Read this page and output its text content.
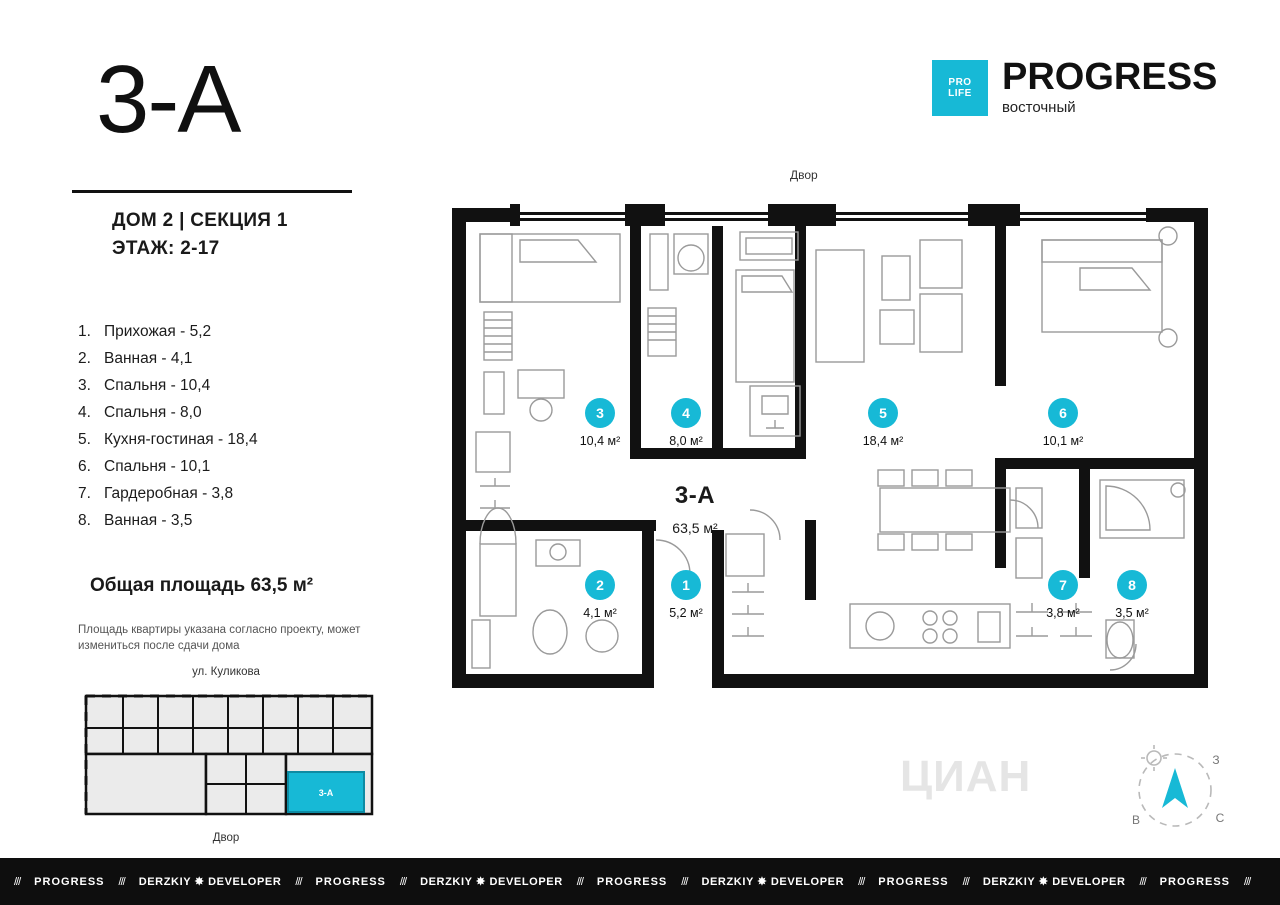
3-А
ДОМ 2 | СЕКЦИЯ 1
ЭТАЖ: 2-17
1. Прихожая - 5,2
2. Ванная - 4,1
3. Спальня - 10,4
4. Спальня - 8,0
5. Кухня-гостиная - 18,4
6. Спальня - 10,1
7. Гардеробная - 3,8
8. Ванная - 3,5
Общая площадь 63,5 м²
Площадь квартиры указана согласно проекту, может измениться после сдачи дома
ул. Куликова
3-А
Двор
PRO
LIFE PROGRESS
восточный
Двор
3
10,4 м²
4
8,0 м²
5
18,4 м²
6
10,1 м²
2
4,1 м²
1
5,2 м²
7
3,8 м²
8
3,5 м²
3-А
63,5 м²
ЦИАН	З
С
В
/// PROGRESS /// DERZKIY ✸ DEVELOPER /// PROGRESS /// DERZKIY ✸ DEVELOPER /// PROGRESS /// DERZKIY ✸ DEVELOPER /// PROGRESS /// DERZKIY ✸ DEVELOPER /// PROGRESS ///
